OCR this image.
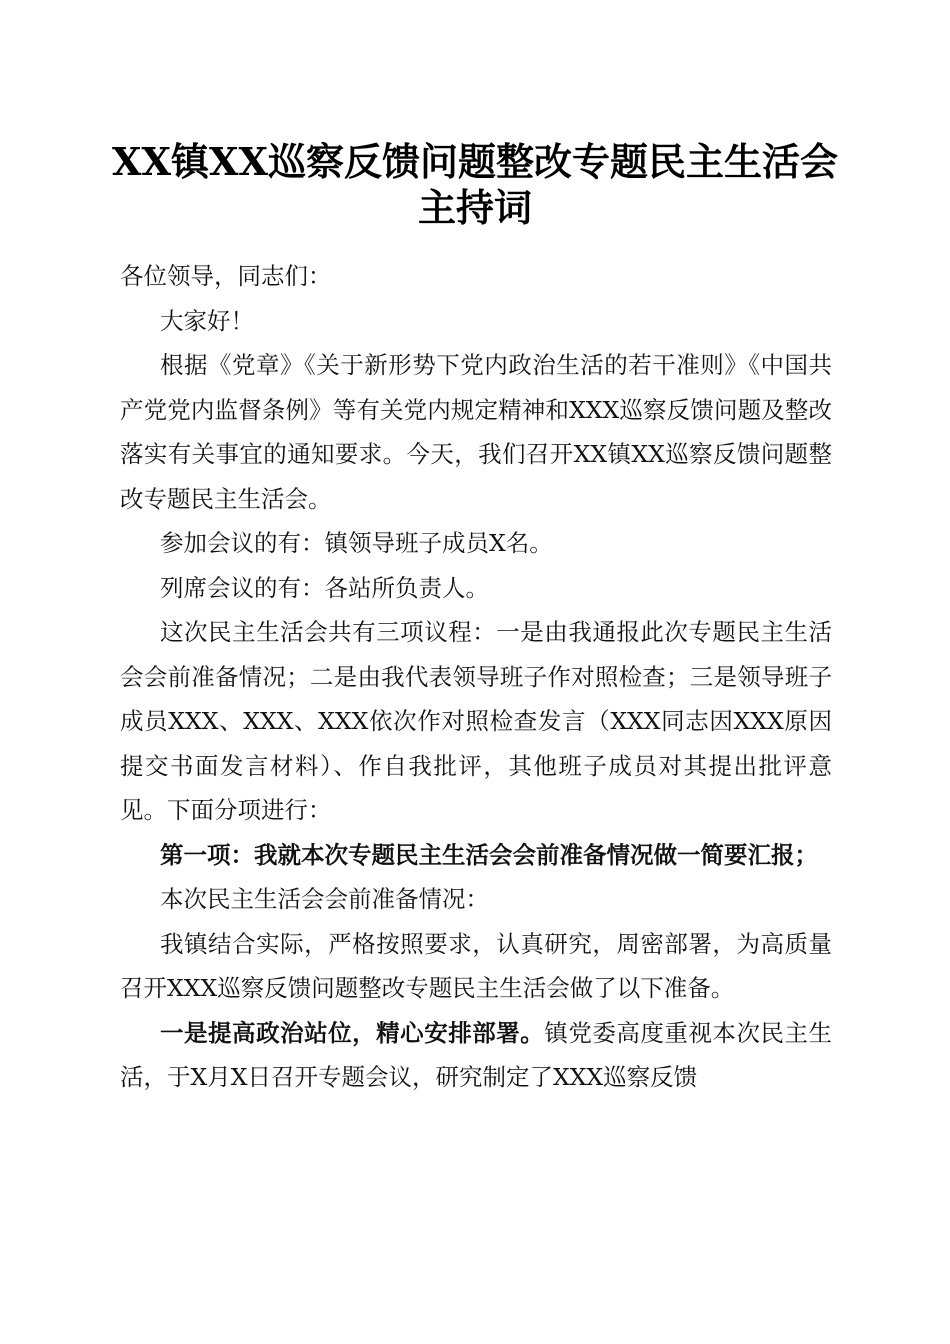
XX镇XX巡察反馈问题整改专题民主生活会
主持词

各位领导，同志们：

大家好！

根据《党章》《关于新形势下党内政治生活的若干准则》《中国共产党党内监督条例》等有关党内规定精神和XXX巡察反馈问题及整改落实有关事宜的通知要求。今天，我们召开XX镇XX巡察反馈问题整改专题民主生活会。

参加会议的有：镇领导班子成员X名。

列席会议的有：各站所负责人。

这次民主生活会共有三项议程：一是由我通报此次专题民主生活会会前准备情况；二是由我代表领导班子作对照检查；三是领导班子成员XXX、XXX、XXX依次作对照检查发言（XXX同志因XXX原因提交书面发言材料）、作自我批评，其他班子成员对其提出批评意见。下面分项进行：

第一项：我就本次专题民主生活会会前准备情况做一简要汇报；

本次民主生活会会前准备情况：

我镇结合实际，严格按照要求，认真研究，周密部署，为高质量召开XXX巡察反馈问题整改专题民主生活会做了以下准备。

一是提高政治站位，精心安排部署。镇党委高度重视本次民主生活，于X月X日召开专题会议，研究制定了XXX巡察反馈
